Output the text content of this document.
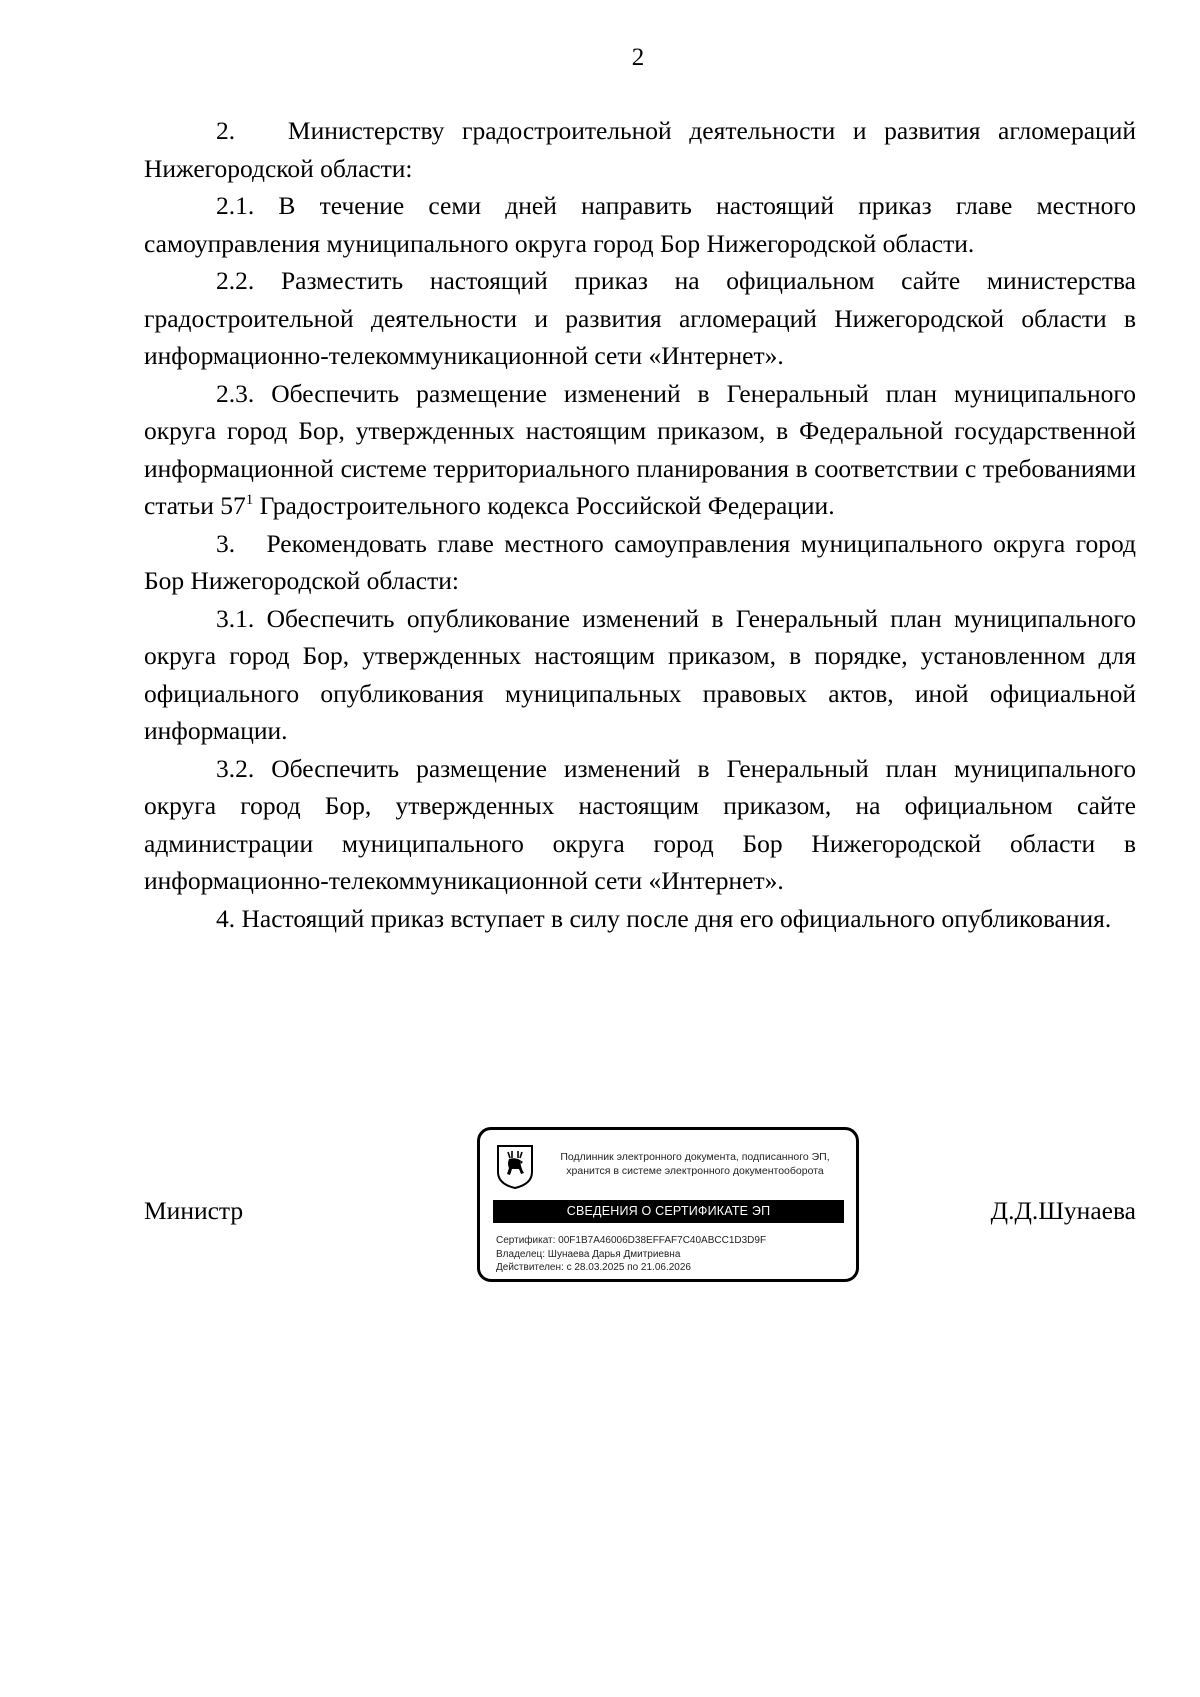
2

2.   Министерству градостроительной деятельности и развития агломераций Нижегородской области:

2.1. В течение семи дней направить настоящий приказ главе местного самоуправления муниципального округа город Бор Нижегородской области.

2.2. Разместить настоящий приказ на официальном сайте министерства градостроительной деятельности и развития агломераций Нижегородской области в информационно-телекоммуникационной сети «Интернет».

2.3. Обеспечить размещение изменений в Генеральный план муниципального округа город Бор, утвержденных настоящим приказом, в Федеральной государственной информационной системе территориального планирования в соответствии с требованиями статьи $57^1$ Градостроительного кодекса Российской Федерации.

3.   Рекомендовать главе местного самоуправления муниципального округа город Бор Нижегородской области:

3.1. Обеспечить опубликование изменений в Генеральный план муниципального округа город Бор, утвержденных настоящим приказом, в порядке, установленном для официального опубликования муниципальных правовых актов, иной официальной информации.

3.2. Обеспечить размещение изменений в Генеральный план муниципального округа город Бор, утвержденных настоящим приказом, на официальном сайте администрации муниципального округа город Бор Нижегородской области в информационно-телекоммуникационной сети «Интернет».

4. Настоящий приказ вступает в силу после дня его официального опубликования.

Министр	Д.Д.Шунаева
Подлинник электронного документа, подписанного ЭП,
хранится в системе электронного документооборота
СВЕДЕНИЯ О СЕРТИФИКАТЕ ЭП
Сертификат: 00F1B7A46006D38EFFAF7C40ABCC1D3D9F
Владелец: Шунаева Дарья Дмитриевна
Действителен: с 28.03.2025 по 21.06.2026
